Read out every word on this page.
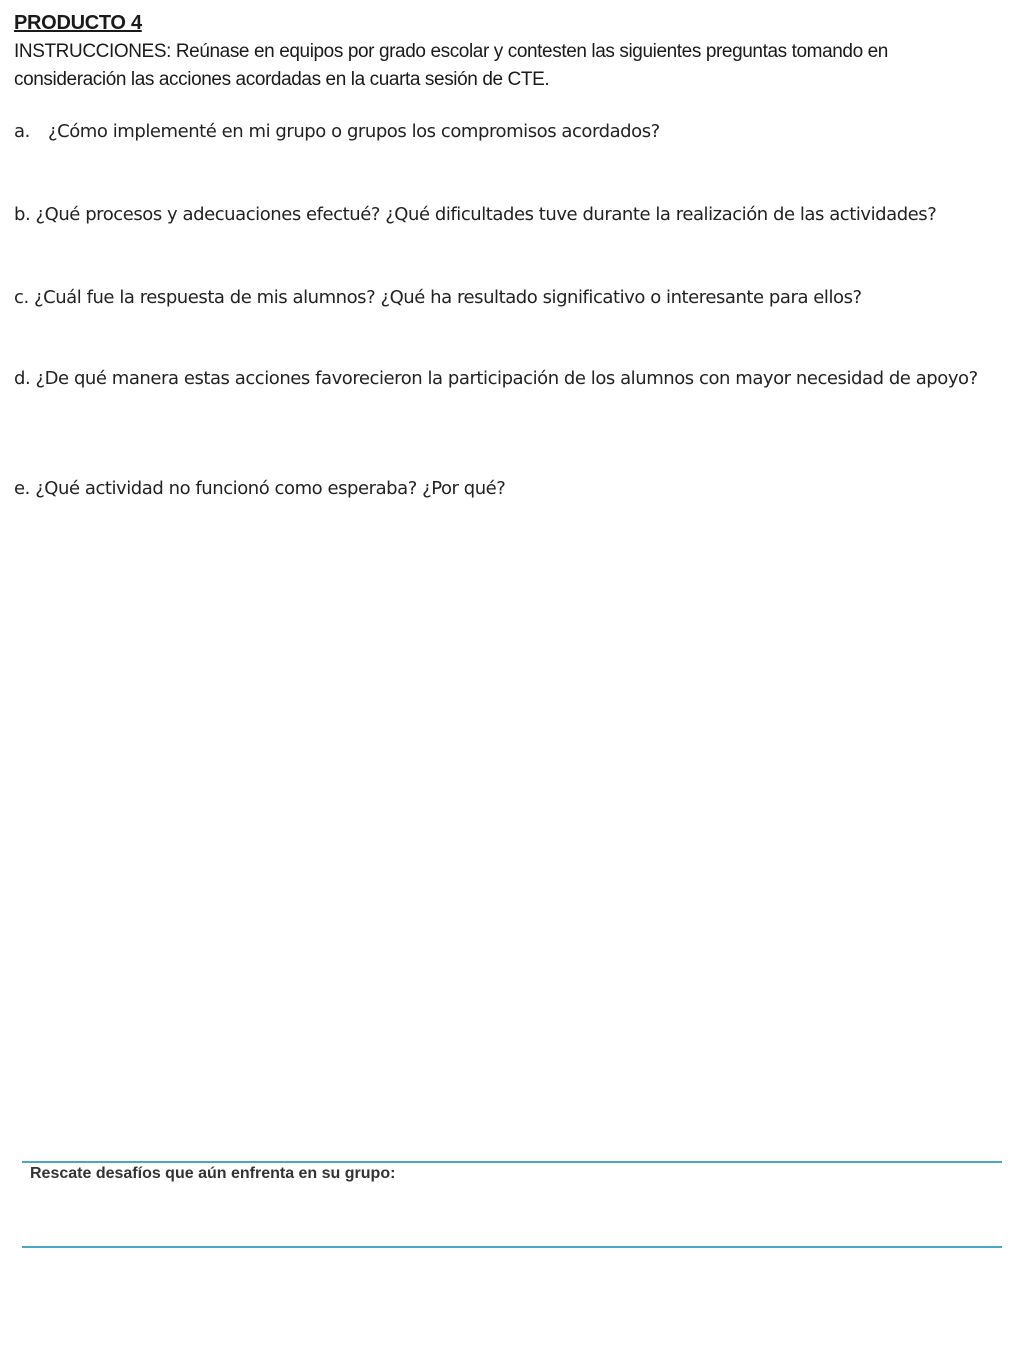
PRODUCTO 4

INSTRUCCIONES: Reúnase en equipos por grado escolar y contesten las siguientes preguntas tomando en consideración las acciones acordadas en la cuarta sesión de CTE.

a. ¿Cómo implementé en mi grupo o grupos los compromisos acordados?

b. ¿Qué procesos y adecuaciones efectué? ¿Qué dificultades tuve durante la realización de las actividades?

c. ¿Cuál fue la respuesta de mis alumnos? ¿Qué ha resultado significativo o interesante para ellos?

d. ¿De qué manera estas acciones favorecieron la participación de los alumnos con mayor necesidad de apoyo?

e. ¿Qué actividad no funcionó como esperaba? ¿Por qué?

Rescate desafíos que aún enfrenta en su grupo:
